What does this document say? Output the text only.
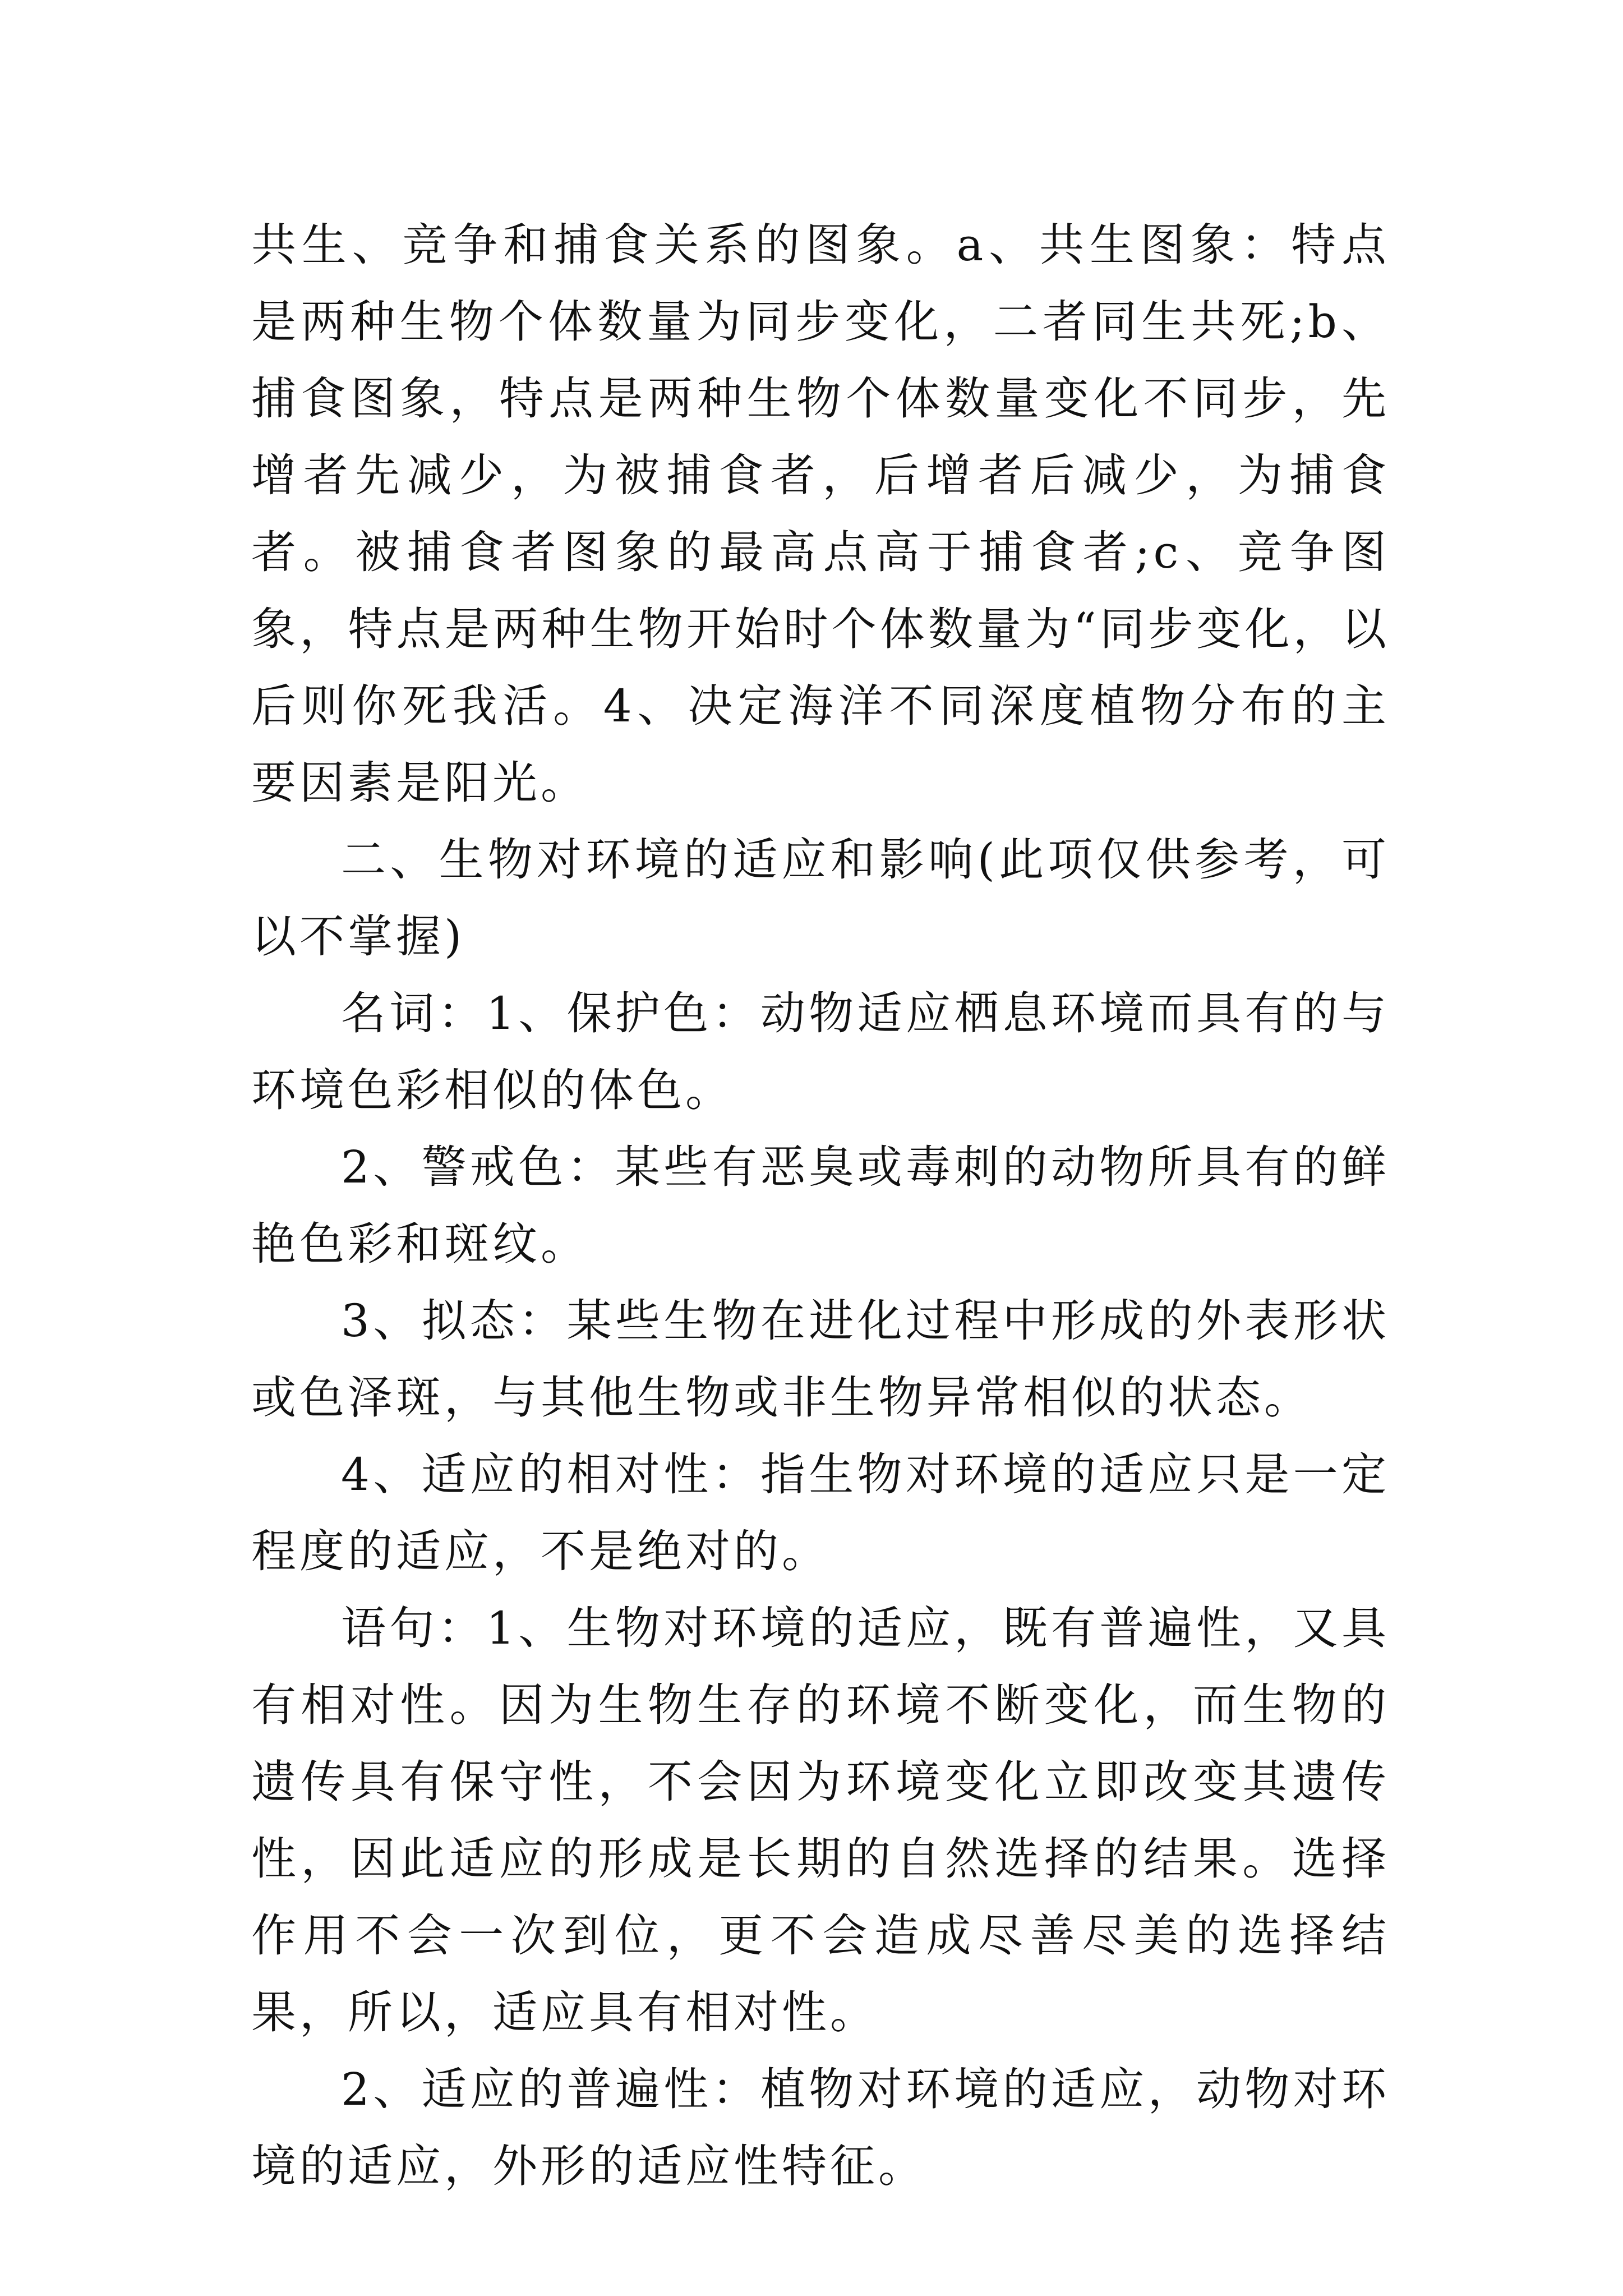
共生、竞争和捕食关系的图象。a、共生图象：特点是两种生物个体数量为同步变化，二者同生共死;b、捕食图象，特点是两种生物个体数量变化不同步，先增者先减少，为被捕食者，后增者后减少，为捕食者。被捕食者图象的最高点高于捕食者;c、竞争图象，特点是两种生物开始时个体数量为“同步变化，以后则你死我活。4、决定海洋不同深度植物分布的主要因素是阳光。

二、生物对环境的适应和影响(此项仅供参考，可以不掌握)

名词：1、保护色：动物适应栖息环境而具有的与环境色彩相似的体色。

2、警戒色：某些有恶臭或毒刺的动物所具有的鲜艳色彩和斑纹。

3、拟态：某些生物在进化过程中形成的外表形状或色泽斑，与其他生物或非生物异常相似的状态。

4、适应的相对性：指生物对环境的适应只是一定程度的适应，不是绝对的。

语句：1、生物对环境的适应，既有普遍性，又具有相对性。因为生物生存的环境不断变化，而生物的遗传具有保守性，不会因为环境变化立即改变其遗传性，因此适应的形成是长期的自然选择的结果。选择作用不会一次到位，更不会造成尽善尽美的选择结果，所以，适应具有相对性。

2、适应的普遍性：植物对环境的适应，动物对环境的适应，外形的适应性特征。
